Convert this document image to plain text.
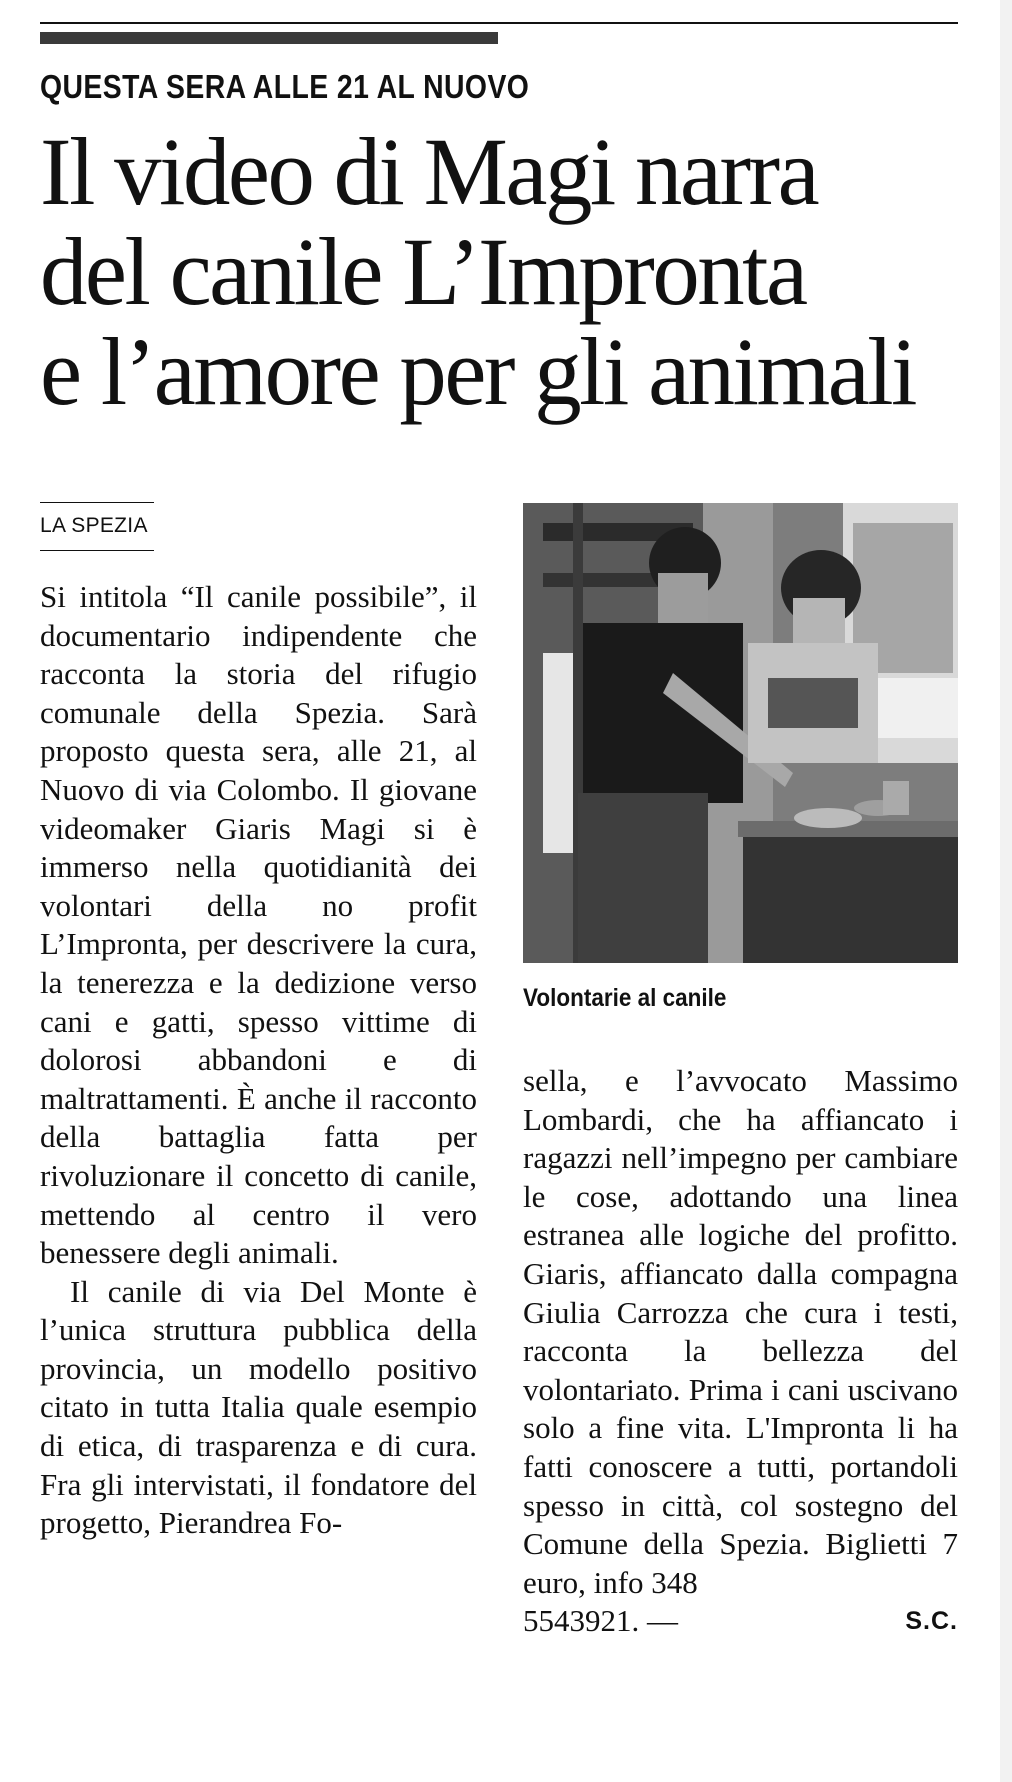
QUESTA SERA ALLE 21 AL NUOVO
Il video di Magi narra
del canile L’Impronta
e l’amore per gli animali
LA SPEZIA

Si intitola “Il canile possibile”, il documentario indipendente che racconta la storia del rifugio comunale della Spezia. Sarà proposto questa sera, alle 21, al Nuovo di via Colombo. Il giovane videomaker Giaris Magi si è immerso nella quotidianità dei volontari della no profit L’Impronta, per descrivere la cura, la tenerezza e la dedizione verso cani e gatti, spesso vittime di dolorosi abbandoni e di maltrattamenti. È anche il racconto della battaglia fatta per rivoluzionare il concetto di canile, mettendo al centro il vero benessere degli animali.

Il canile di via Del Monte è l’unica struttura pubblica della provincia, un modello positivo citato in tutta Italia quale esempio di etica, di trasparenza e di cura. Fra gli intervistati, il fondatore del progetto, Pierandrea Fo-

Volontarie al canile

sella, e l’avvocato Massimo Lombardi, che ha affiancato i ragazzi nell’impegno per cambiare le cose, adottando una linea estranea alle logiche del profitto. Giaris, affiancato dalla compagna Giulia Carrozza che cura i testi, racconta la bellezza del volontariato. Prima i cani uscivano solo a fine vita. L'Impronta li ha fatti conoscere a tutti, portandoli spesso in città, col sostegno del Comune della Spezia. Biglietti 7 euro, info 348

5543921. —	S.C.
